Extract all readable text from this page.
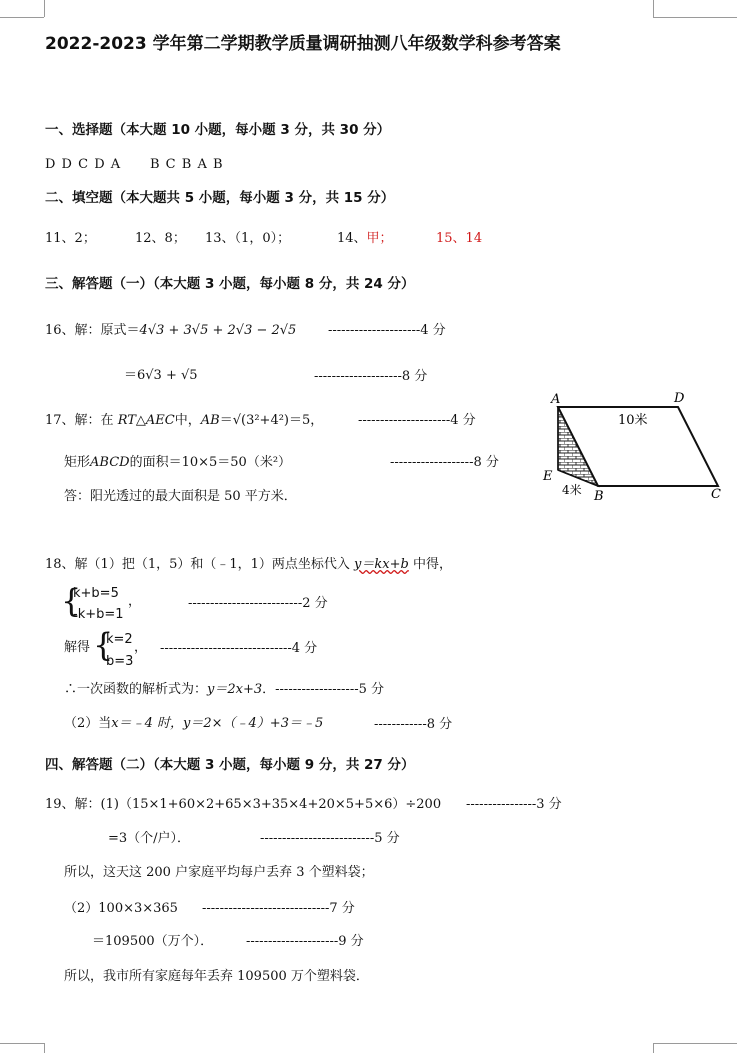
2022-2023 学年第二学期教学质量调研抽测八年级数学科参考答案
一、选择题（本大题 10 小题，每小题 3 分，共 30 分）
D D C D A B C B A B
二、填空题（本大题共 5 小题，每小题 3 分，共 15 分）
11、2；	12、8； 13、（1，0）；	14、甲；	15、14
三、解答题（一）（本大题 3 小题，每小题 8 分，共 24 分）
16、解：原式＝4√3 + 3√5 + 2√3 − 2√5 ---------------------4 分
＝6√3 + √5	--------------------8 分
17、解：在 RT△AEC中，AB＝√(3²+4²)＝5，	---------------------4 分
矩形ABCD的面积＝10×5＝50（米²）	-------------------8 分
答：阳光透过的最大面积是 50 平方米．
A	D
E
B	C
10米
4米
18、解（1）把（1，5）和（﹣1，1）两点坐标代入 y＝kx+b 中得，
{
k+b=5
-k+b=1
，	--------------------------2 分
解得 {
k=2
b=3
， ------------------------------4 分
∴一次函数的解析式为：y＝2x+3．-------------------5 分
（2）当x＝﹣4 时，y＝2×（﹣4）+3＝﹣5	------------8 分
四、解答题（二）（本大题 3 小题，每小题 9 分，共 27 分）
19、解：(1)（15×1+60×2+65×3+35×4+20×5+5×6）÷200 ----------------3 分
=3（个/户）．	--------------------------5 分
所以，这天这 200 户家庭平均每户丢弃 3 个塑料袋；
（2）100×3×365 -----------------------------7 分
＝109500（万个）．	---------------------9 分
所以，我市所有家庭每年丢弃 109500 万个塑料袋．
